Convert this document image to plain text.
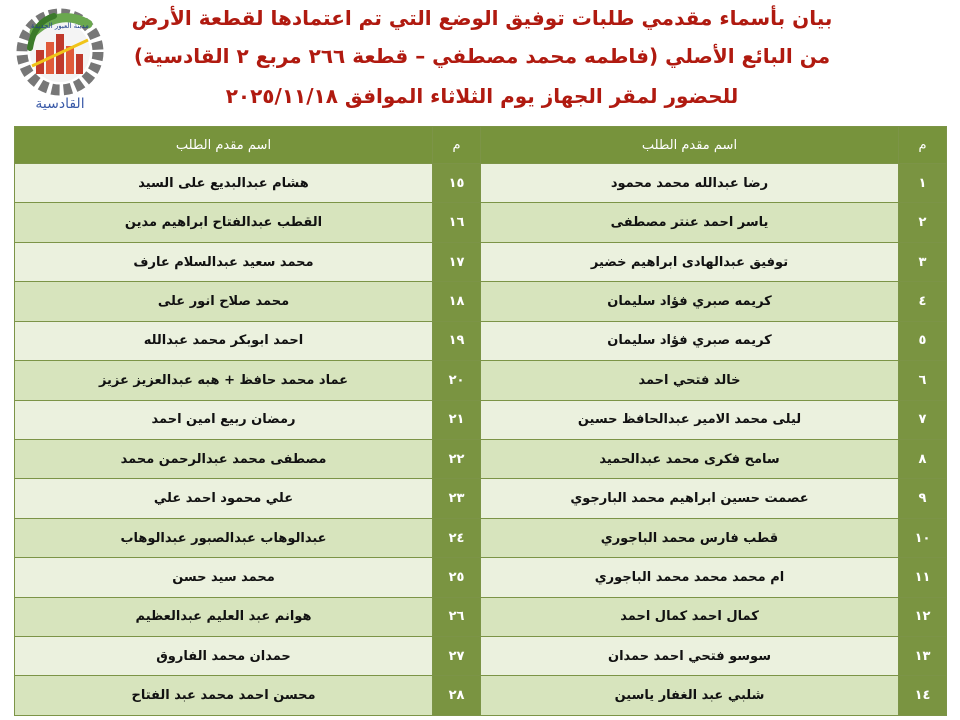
بيان بأسماء مقدمي طلبات توفيق الوضع التي تم اعتمادها لقطعة الأرض
من البائع الأصلي (فاطمه محمد مصطفي – قطعة ٢٦٦ مربع ٢ القادسية)
للحضور لمقر الجهاز يوم الثلاثاء الموافق ٢٠٢٥/١١/١٨
مدينة العبور الجديدة
القادسية
م	اسم مقدم الطلب	م	اسم مقدم الطلب
١	رضا عبدالله محمد محمود	١٥	هشام عبدالبديع على السيد
٢	ياسر احمد عنتر مصطفى	١٦	القطب عبدالفتاح ابراهيم مدين
٣	توفيق عبدالهادى ابراهيم خضير	١٧	محمد سعيد عبدالسلام عارف
٤	كريمه صبري فؤاد سليمان	١٨	محمد صلاح انور على
٥	كريمه صبري فؤاد سليمان	١٩	احمد ابوبكر محمد عبدالله
٦	خالد فتحي احمد	٢٠	عماد محمد حافظ + هبه عبدالعزيز عزيز
٧	ليلى محمد الامير عبدالحافظ حسين	٢١	رمضان ربيع امين احمد
٨	سامح فكرى محمد عبدالحميد	٢٢	مصطفى محمد عبدالرحمن محمد
٩	عصمت حسين ابراهيم محمد البارجوي	٢٣	علي محمود احمد علي
١٠	قطب فارس محمد الباجوري	٢٤	عبدالوهاب عبدالصبور عبدالوهاب
١١	ام محمد محمد محمد الباجوري	٢٥	محمد سيد حسن
١٢	كمال احمد كمال احمد	٢٦	هوانم عبد العليم عبدالعظيم
١٣	سوسو فتحي احمد حمدان	٢٧	حمدان محمد الفاروق
١٤	شلبي عبد الغفار ياسين	٢٨	محسن احمد محمد عبد الفتاح
